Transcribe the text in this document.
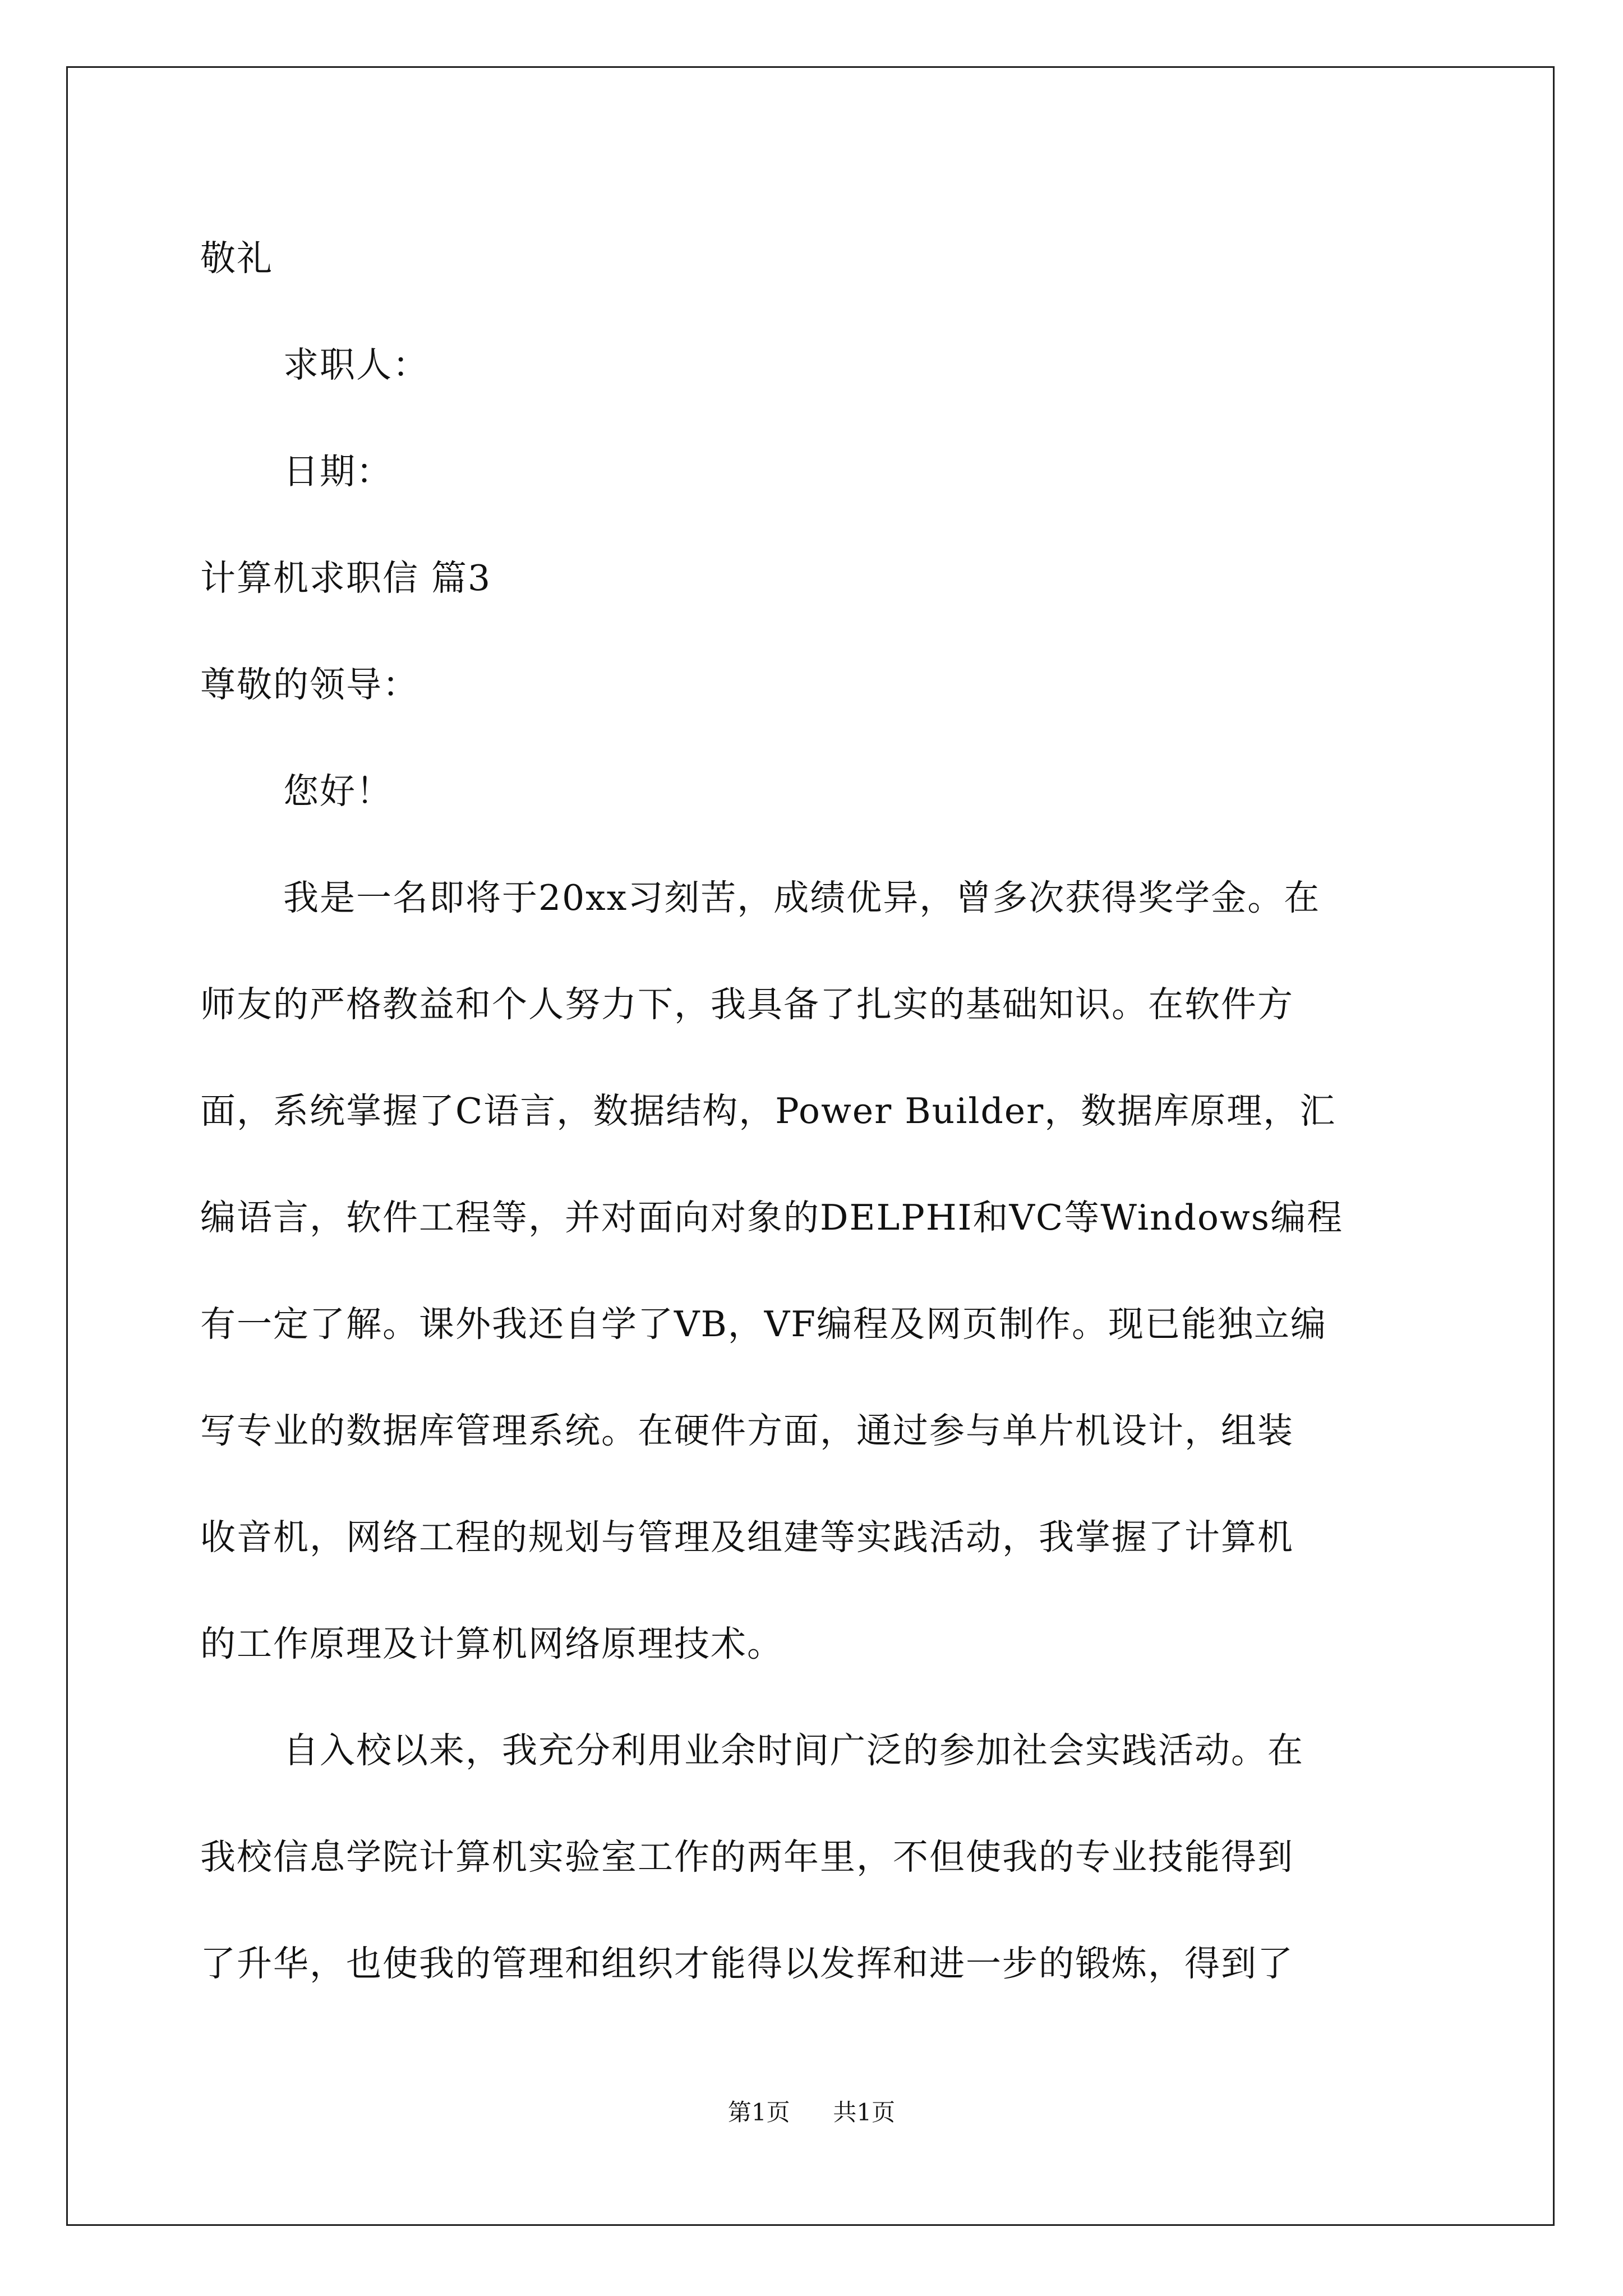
敬礼
求职人：
日期：
计算机求职信 篇3
尊敬的领导：
您好！
我是一名即将于20xx习刻苦，成绩优异，曾多次获得奖学金。在
师友的严格教益和个人努力下，我具备了扎实的基础知识。在软件方
面，系统掌握了C语言，数据结构，Power Builder，数据库原理，汇
编语言，软件工程等，并对面向对象的DELPHI和VC等Windows编程
有一定了解。课外我还自学了VB，VF编程及网页制作。现已能独立编
写专业的数据库管理系统。在硬件方面，通过参与单片机设计，组装
收音机，网络工程的规划与管理及组建等实践活动，我掌握了计算机
的工作原理及计算机网络原理技术。
自入校以来，我充分利用业余时间广泛的参加社会实践活动。在
我校信息学院计算机实验室工作的两年里，不但使我的专业技能得到
了升华，也使我的管理和组织才能得以发挥和进一步的锻炼，得到了
第1页 共1页
